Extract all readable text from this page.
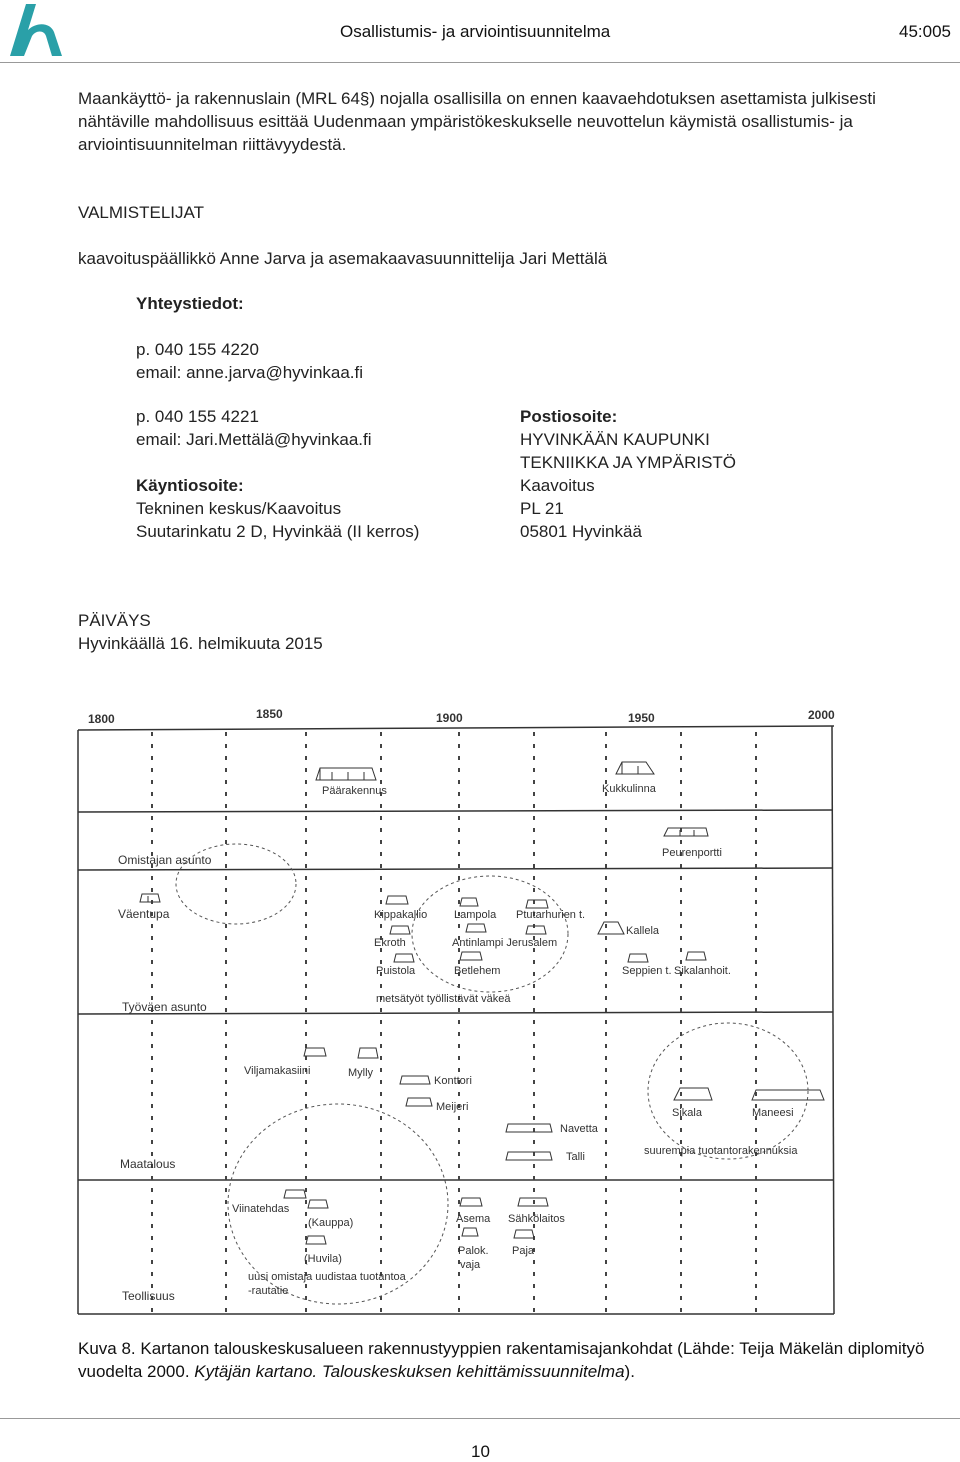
Osallistumis- ja arviointisuunnitelma	45:005
Maankäyttö- ja rakennuslain (MRL 64§) nojalla osallisilla on ennen kaavaehdotuksen asettamista julkisesti nähtäville mahdollisuus esittää Uudenmaan ympäristökeskukselle neuvottelun käymistä osallistumis- ja arviointisuunnitelman riittävyydestä.
VALMISTELIJAT
kaavoituspäällikkö Anne Jarva ja asemakaavasuunnittelija Jari Mettälä
Yhteystiedot:
p. 040 155 4220
email: anne.jarva@hyvinkaa.fi
p. 040 155 4221
email: Jari.Mettälä@hyvinkaa.fi
Käyntiosoite:
Tekninen keskus/Kaavoitus
Suutarinkatu 2 D, Hyvinkää (II kerros)
Postiosoite:
HYVINKÄÄN KAUPUNKI
TEKNIIKKA JA YMPÄRISTÖ
Kaavoitus
PL 21
05801 Hyvinkää
PÄIVÄYS
Hyvinkäällä 16. helmikuuta 2015
1800	1850	1900	1950	2000
Omistajan asunto
Väentupa
Työväen asunto
Maatalous
Teollisuus
Päärakennus	Kukkulinna
Peurenportti
Kippakallio Lampola Ptutarhurien t.
Kallela
Ekroth	Antinlampi Jerusalem
Puistola	Betlehem	Seppien t. Sikalanhoit.
metsätyöt työllistävät väkeä
Viljamakasiini	Mylly
Konttori
Meijeri
Navetta
Talli
Sikala	Maneesi
suurempia tuotantorakennuksia
Viinatehdas
(Kauppa)
(Huvila)
uusi omistaja uudistaa tuotantoa
-rautatie
Asema Sähkölaitos
Palok.
vaja
Paja
Kuva 8. Kartanon talouskeskusalueen rakennustyyppien rakentamisajankohdat (Lähde: Teija Mäkelän diplomityö vuodelta 2000. Kytäjän kartano. Talouskeskuksen kehittämissuunnitelma).
10
